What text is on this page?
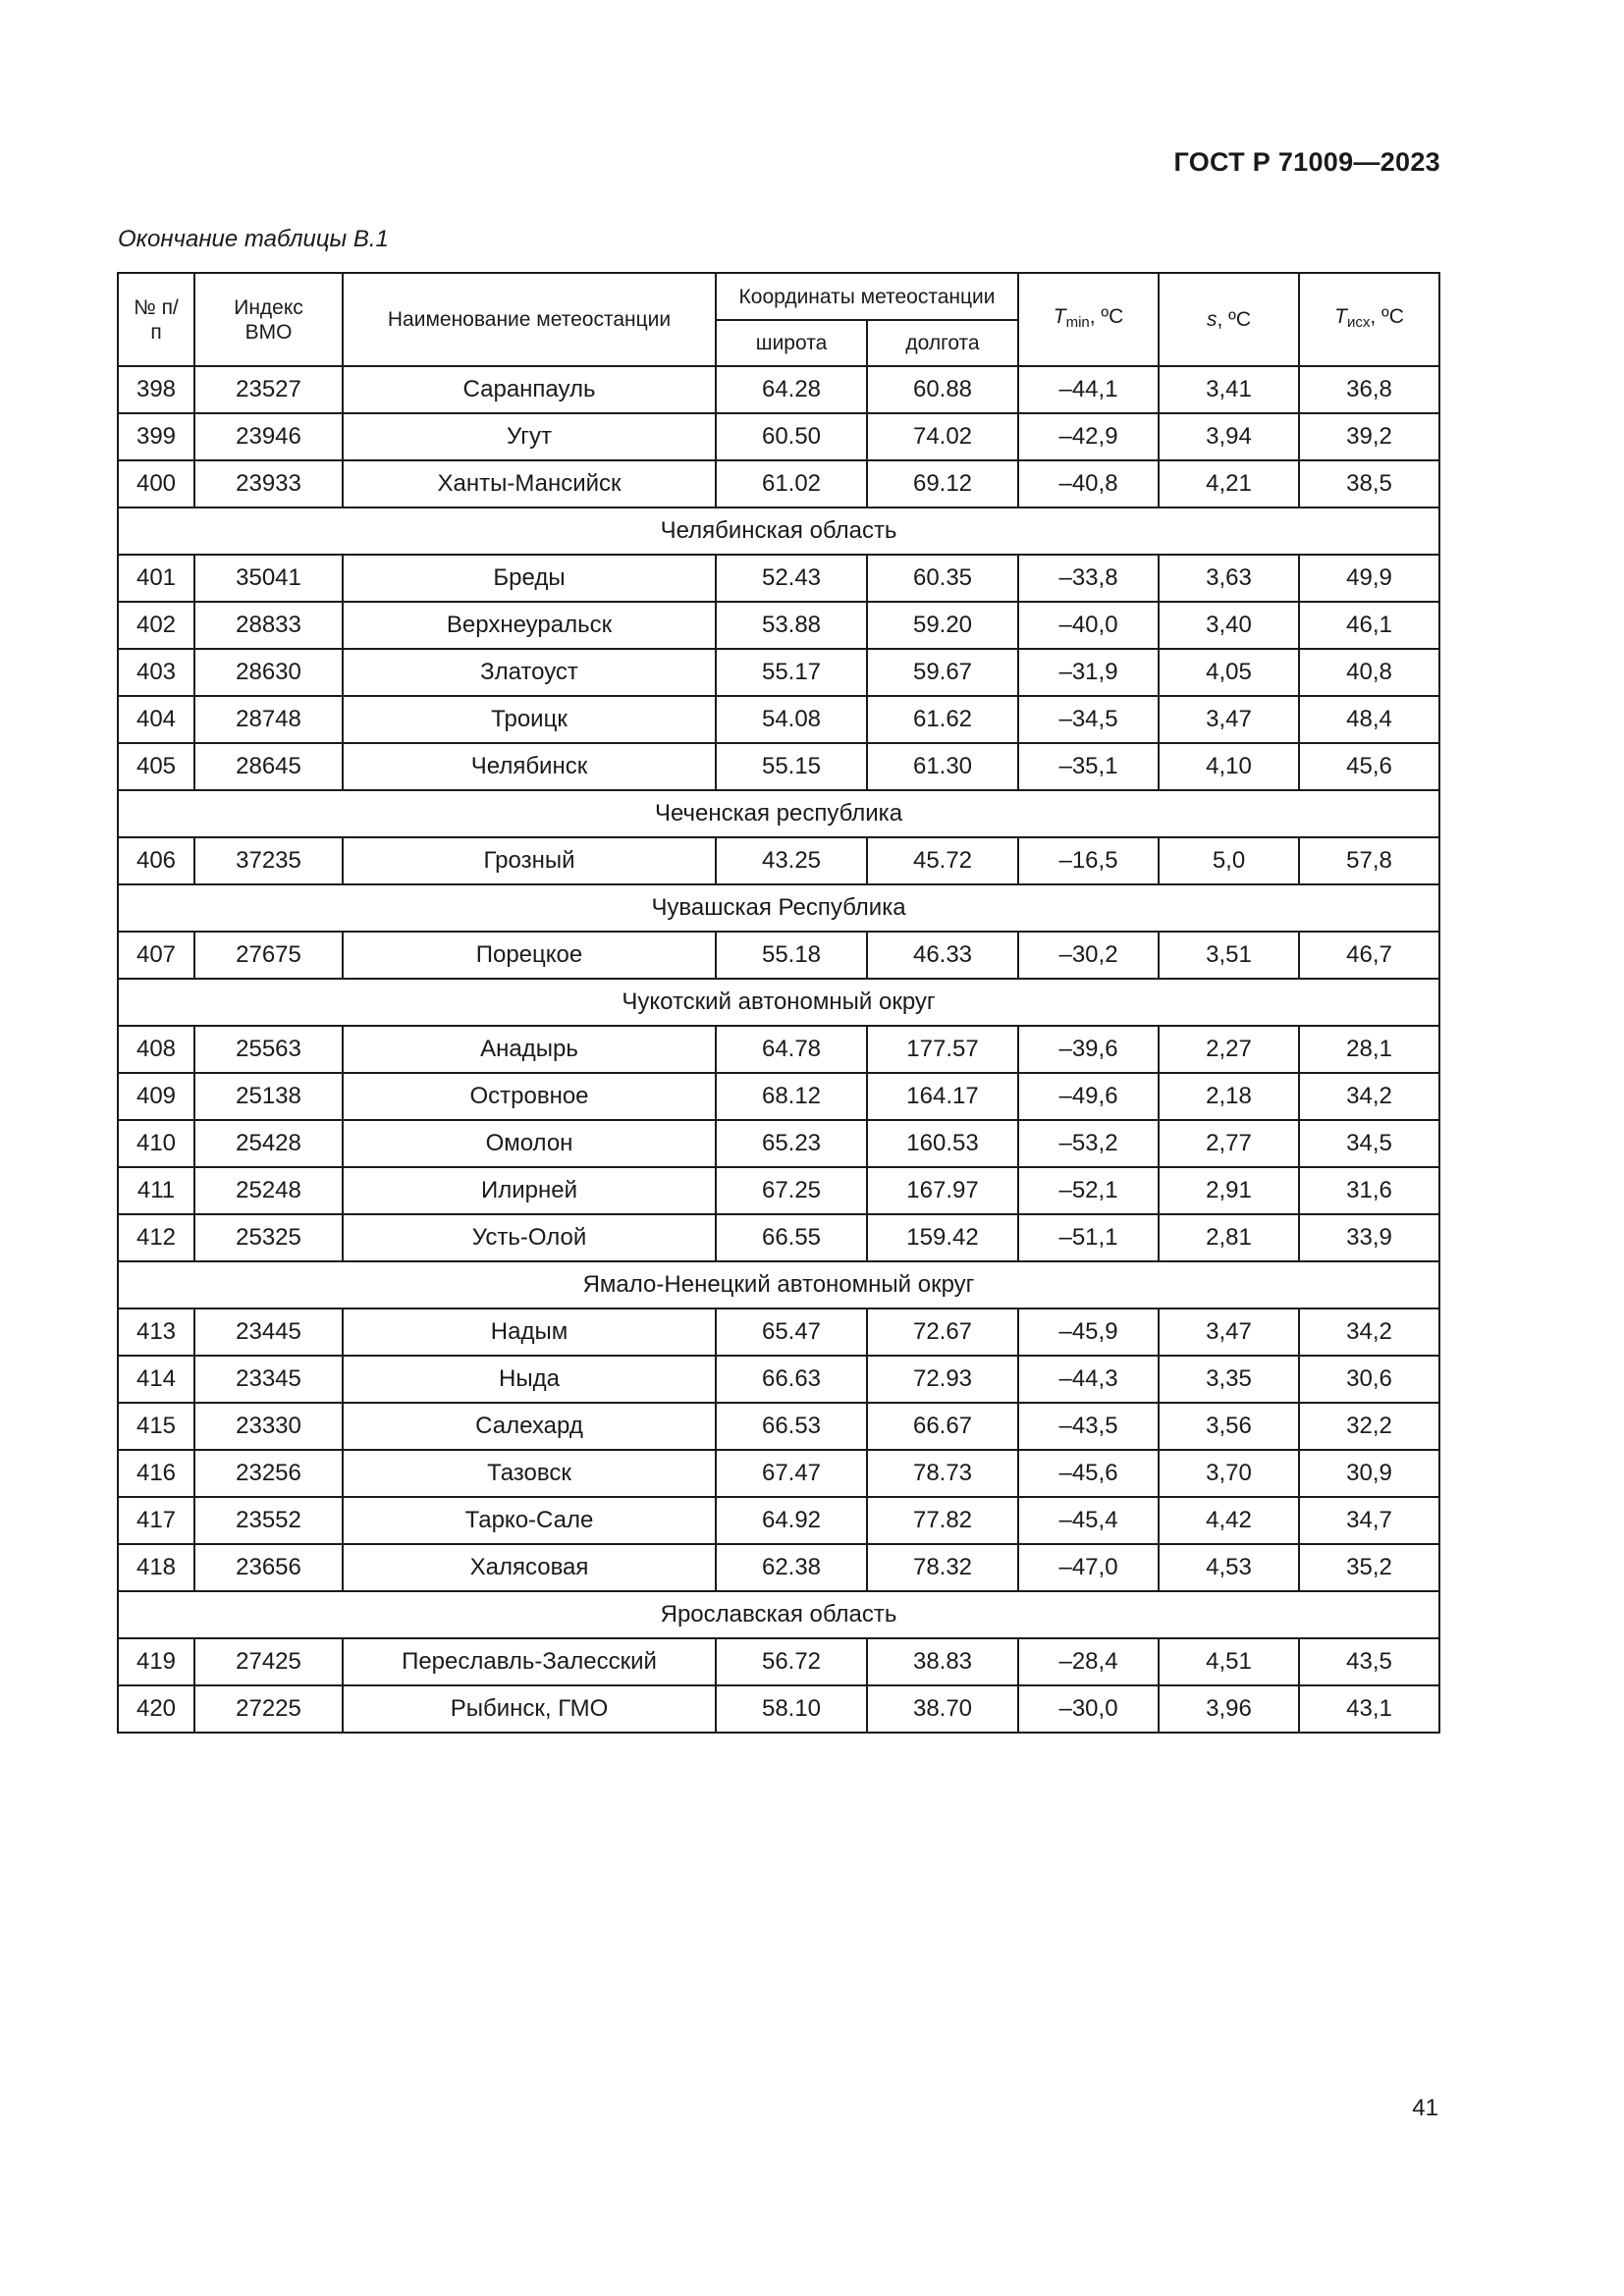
ГОСТ Р 71009—2023
Окончание таблицы В.1
№ п/п	Индекс ВМО	Наименование метеостанции	Координаты метеостанции		$T_{min}$, ºC	s, ºC	$T_{исх}$, ºC
			широта	долгота			
398	23527	Саранпауль	64.28	60.88	–44,1	3,41	36,8
399	23946	Угут	60.50	74.02	–42,9	3,94	39,2
400	23933	Ханты-Мансийск	61.02	69.12	–40,8	4,21	38,5
Челябинская область							
401	35041	Бреды	52.43	60.35	–33,8	3,63	49,9
402	28833	Верхнеуральск	53.88	59.20	–40,0	3,40	46,1
403	28630	Златоуст	55.17	59.67	–31,9	4,05	40,8
404	28748	Троицк	54.08	61.62	–34,5	3,47	48,4
405	28645	Челябинск	55.15	61.30	–35,1	4,10	45,6
Чеченская республика							
406	37235	Грозный	43.25	45.72	–16,5	5,0	57,8
Чувашская Республика							
407	27675	Порецкое	55.18	46.33	–30,2	3,51	46,7
Чукотский автономный округ							
408	25563	Анадырь	64.78	177.57	–39,6	2,27	28,1
409	25138	Островное	68.12	164.17	–49,6	2,18	34,2
410	25428	Омолон	65.23	160.53	–53,2	2,77	34,5
411	25248	Илирней	67.25	167.97	–52,1	2,91	31,6
412	25325	Усть-Олой	66.55	159.42	–51,1	2,81	33,9
Ямало-Ненецкий автономный округ							
413	23445	Надым	65.47	72.67	–45,9	3,47	34,2
414	23345	Ныда	66.63	72.93	–44,3	3,35	30,6
415	23330	Салехард	66.53	66.67	–43,5	3,56	32,2
416	23256	Тазовск	67.47	78.73	–45,6	3,70	30,9
417	23552	Тарко-Сале	64.92	77.82	–45,4	4,42	34,7
418	23656	Халясовая	62.38	78.32	–47,0	4,53	35,2
Ярославская область							
419	27425	Переславль-Залесский	56.72	38.83	–28,4	4,51	43,5
420	27225	Рыбинск, ГМО	58.10	38.70	–30,0	3,96	43,1
41
